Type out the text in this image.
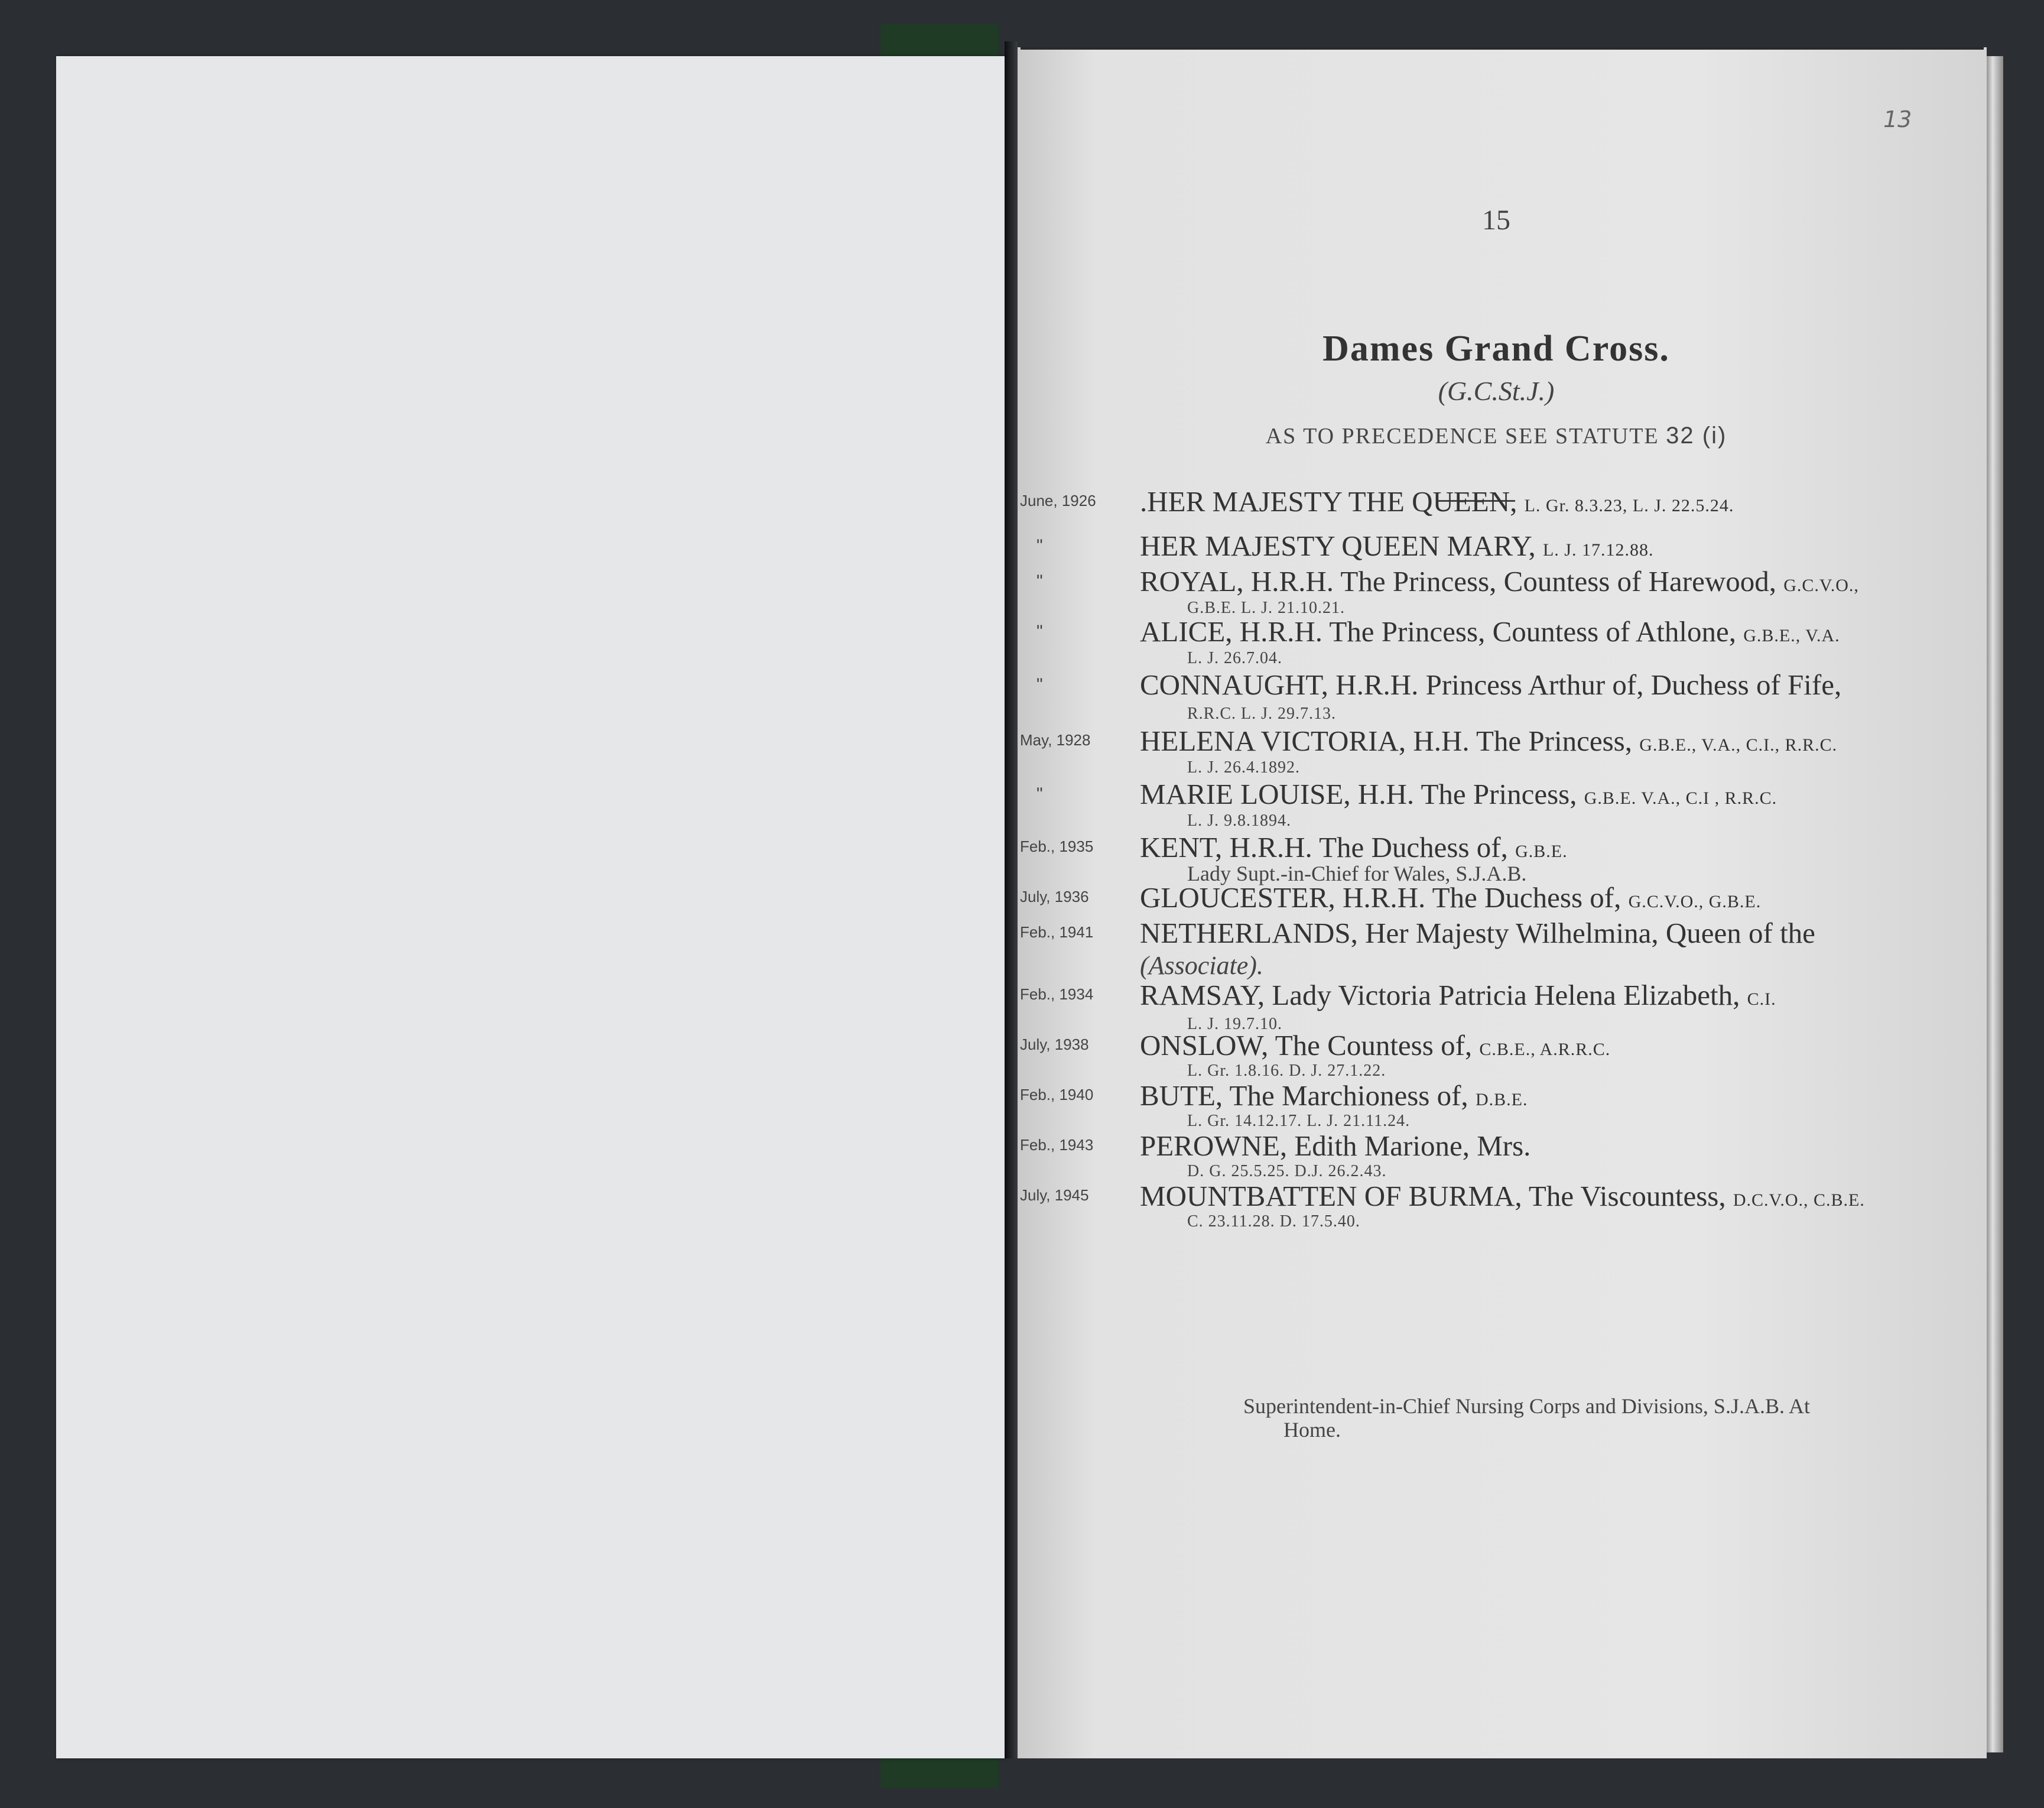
13
15
Dames Grand Cross.
(G.C.St.J.)
AS TO PRECEDENCE SEE STATUTE 32 (i)
June, 1926 .HER MAJESTY THE QUEEN, L. Gr. 8.3.23, L. J. 22.5.24.
"	HER MAJESTY QUEEN MARY, L. J. 17.12.88.
"	ROYAL, H.R.H. The Princess, Countess of Harewood, G.C.V.O.,
G.B.E. L. J. 21.10.21.
"	ALICE, H.R.H. The Princess, Countess of Athlone, G.B.E., V.A.
L. J. 26.7.04.
"	CONNAUGHT, H.R.H. Princess Arthur of, Duchess of Fife,
R.R.C. L. J. 29.7.13.
May, 1928 HELENA VICTORIA, H.H. The Princess, G.B.E., V.A., C.I., R.R.C.
L. J. 26.4.1892.
"	MARIE LOUISE, H.H. The Princess, G.B.E. V.A., C.I , R.R.C.
L. J. 9.8.1894.
Feb., 1935 KENT, H.R.H. The Duchess of, G.B.E.
Lady Supt.-in-Chief for Wales, S.J.A.B.
July, 1936 GLOUCESTER, H.R.H. The Duchess of, G.C.V.O., G.B.E.
Feb., 1941 NETHERLANDS, Her Majesty Wilhelmina, Queen of the
(Associate).
Feb., 1934 RAMSAY, Lady Victoria Patricia Helena Elizabeth, C.I.
L. J. 19.7.10.
July, 1938 ONSLOW, The Countess of, C.B.E., A.R.R.C.
L. Gr. 1.8.16. D. J. 27.1.22.
Feb., 1940 BUTE, The Marchioness of, D.B.E.
L. Gr. 14.12.17. L. J. 21.11.24.
Feb., 1943 PEROWNE, Edith Marione, Mrs.
D. G. 25.5.25. D.J. 26.2.43.
July, 1945 MOUNTBATTEN OF BURMA, The Viscountess, D.C.V.O., C.B.E.
C. 23.11.28. D. 17.5.40.
Superintendent-in-Chief Nursing Corps and Divisions, S.J.A.B. At
Home.
